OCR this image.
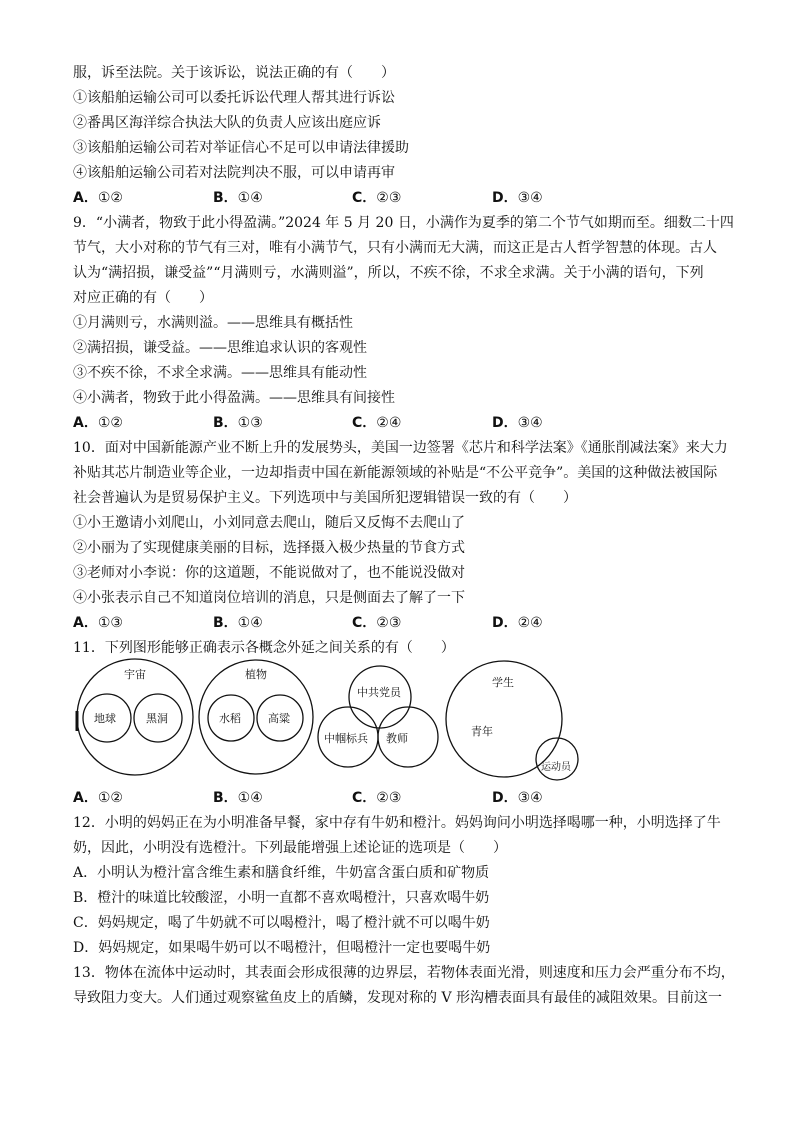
服，诉至法院。关于该诉讼，说法正确的有（　　）
①该船舶运输公司可以委托诉讼代理人帮其进行诉讼
②番禺区海洋综合执法大队的负责人应该出庭应诉
③该船舶运输公司若对举证信心不足可以申请法律援助
④该船舶运输公司若对法院判决不服，可以申请再审
A．①②	B．①④	C．②③	D．③④
9．“小满者，物致于此小得盈满。”2024 年 5 月 20 日，小满作为夏季的第二个节气如期而至。细数二十四
节气，大小对称的节气有三对，唯有小满节气，只有小满而无大满，而这正是古人哲学智慧的体现。古人
认为“满招损，谦受益”“月满则亏，水满则溢”，所以，不疾不徐，不求全求满。关于小满的语句，下列
对应正确的有（　　）
①月满则亏，水满则溢。——思维具有概括性
②满招损，谦受益。——思维追求认识的客观性
③不疾不徐，不求全求满。——思维具有能动性
④小满者，物致于此小得盈满。——思维具有间接性
A．①②	B．①③	C．②④	D．③④
10．面对中国新能源产业不断上升的发展势头，美国一边签署《芯片和科学法案》《通胀削减法案》来大力
补贴其芯片制造业等企业，一边却指责中国在新能源领域的补贴是“不公平竞争”。美国的这种做法被国际
社会普遍认为是贸易保护主义。下列选项中与美国所犯逻辑错误一致的有（　　）
①小王邀请小刘爬山，小刘同意去爬山，随后又反悔不去爬山了
②小丽为了实现健康美丽的目标，选择摄入极少热量的节食方式
③老师对小李说：你的这道题，不能说做对了，也不能说没做对
④小张表示自己不知道岗位培训的消息，只是侧面去了解了一下
A．①③	B．①④	C．②③	D．②④
11．下列图形能够正确表示各概念外延之间关系的有（　　）
宇宙
地球	黑洞
植物
水稻 高粱
中共党员
中帼标兵 教师
学生
青年
运动员
A．①②	B．①④	C．②③	D．③④
12．小明的妈妈正在为小明准备早餐，家中存有牛奶和橙汁。妈妈询问小明选择喝哪一种，小明选择了牛
奶，因此，小明没有选橙汁。下列最能增强上述论证的选项是（　　）
A．小明认为橙汁富含维生素和膳食纤维，牛奶富含蛋白质和矿物质
B．橙汁的味道比较酸涩，小明一直都不喜欢喝橙汁，只喜欢喝牛奶
C．妈妈规定，喝了牛奶就不可以喝橙汁，喝了橙汁就不可以喝牛奶
D．妈妈规定，如果喝牛奶可以不喝橙汁，但喝橙汁一定也要喝牛奶
13．物体在流体中运动时，其表面会形成很薄的边界层，若物体表面光滑，则速度和压力会严重分布不均，
导致阻力变大。人们通过观察鲨鱼皮上的盾鳞，发现对称的 V 形沟槽表面具有最佳的减阻效果。目前这一
